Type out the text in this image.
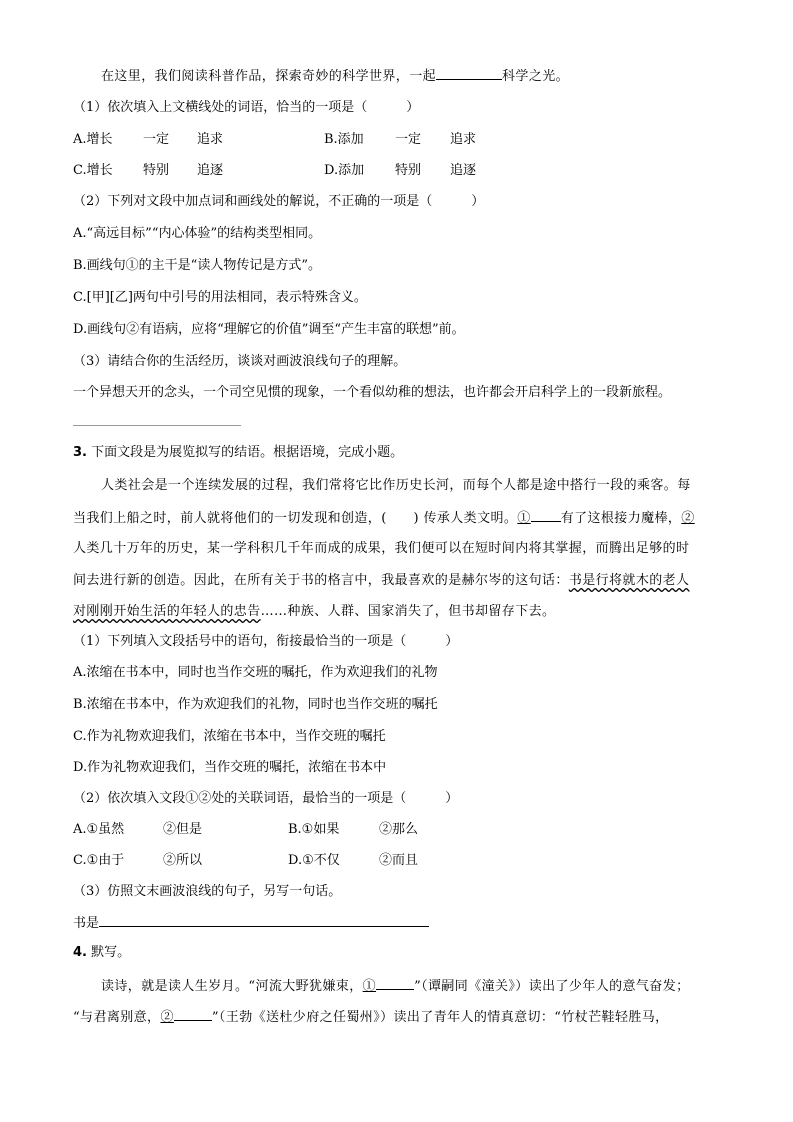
在这里，我们阅读科普作品，探索奇妙的科学世界，一起	科学之光。
（1）依次填入上文横线处的词语，恰当的一项是（　　　）
A.增长 一定 追求	B.添加 一定 追求
C.增长 特别 追逐	D.添加 特别 追逐
（2）下列对文段中加点词和画线处的解说，不正确的一项是（　　　）
A.“高远目标”“内心体验”的结构类型相同。
B.画线句①的主干是“读人物传记是方式”。
C.[甲][乙]两句中引号的用法相同，表示特殊含义。
D.画线句②有语病，应将“理解它的价值”调至“产生丰富的联想”前。
（3）请结合你的生活经历，谈谈对画波浪线句子的理解。
一个异想天开的念头，一个司空见惯的现象，一个看似幼稚的想法，也许都会开启科学上的一段新旅程。
3. 下面文段是为展览拟写的结语。根据语境，完成小题。
人类社会是一个连续发展的过程，我们常将它比作历史长河，而每个人都是途中搭行一段的乘客。每
当我们上船之时，前人就将他们的一切发现和创造，(　　) 传承人类文明。① 有了这根接力魔棒，②
人类几十万年的历史，某一学科积几千年而成的成果，我们便可以在短时间内将其掌握，而腾出足够的时
间去进行新的创造。因此，在所有关于书的格言中，我最喜欢的是赫尔岑的这句话：书是行将就木的老人
对刚刚开始生活的年轻人的忠告……种族、人群、国家消失了，但书却留存下去。
（1）下列填入文段括号中的语句，衔接最恰当的一项是（　　　）
A.浓缩在书本中，同时也当作交班的嘱托，作为欢迎我们的礼物
B.浓缩在书本中，作为欢迎我们的礼物，同时也当作交班的嘱托
C.作为礼物欢迎我们，浓缩在书本中，当作交班的嘱托
D.作为礼物欢迎我们，当作交班的嘱托，浓缩在书本中
（2）依次填入文段①②处的关联词语，最恰当的一项是（　　　）
A.①虽然	②但是	B.①如果	②那么
C.①由于	②所以	D.①不仅	②而且
（3）仿照文末画波浪线的句子，另写一句话。
书是
4. 默写。
读诗，就是读人生岁月。“河流大野犹嫌束，①	”（谭嗣同《潼关》）读出了少年人的意气奋发；
“与君离别意，②	”（王勃《送杜少府之任蜀州》）读出了青年人的情真意切：“竹杖芒鞋轻胜马，
